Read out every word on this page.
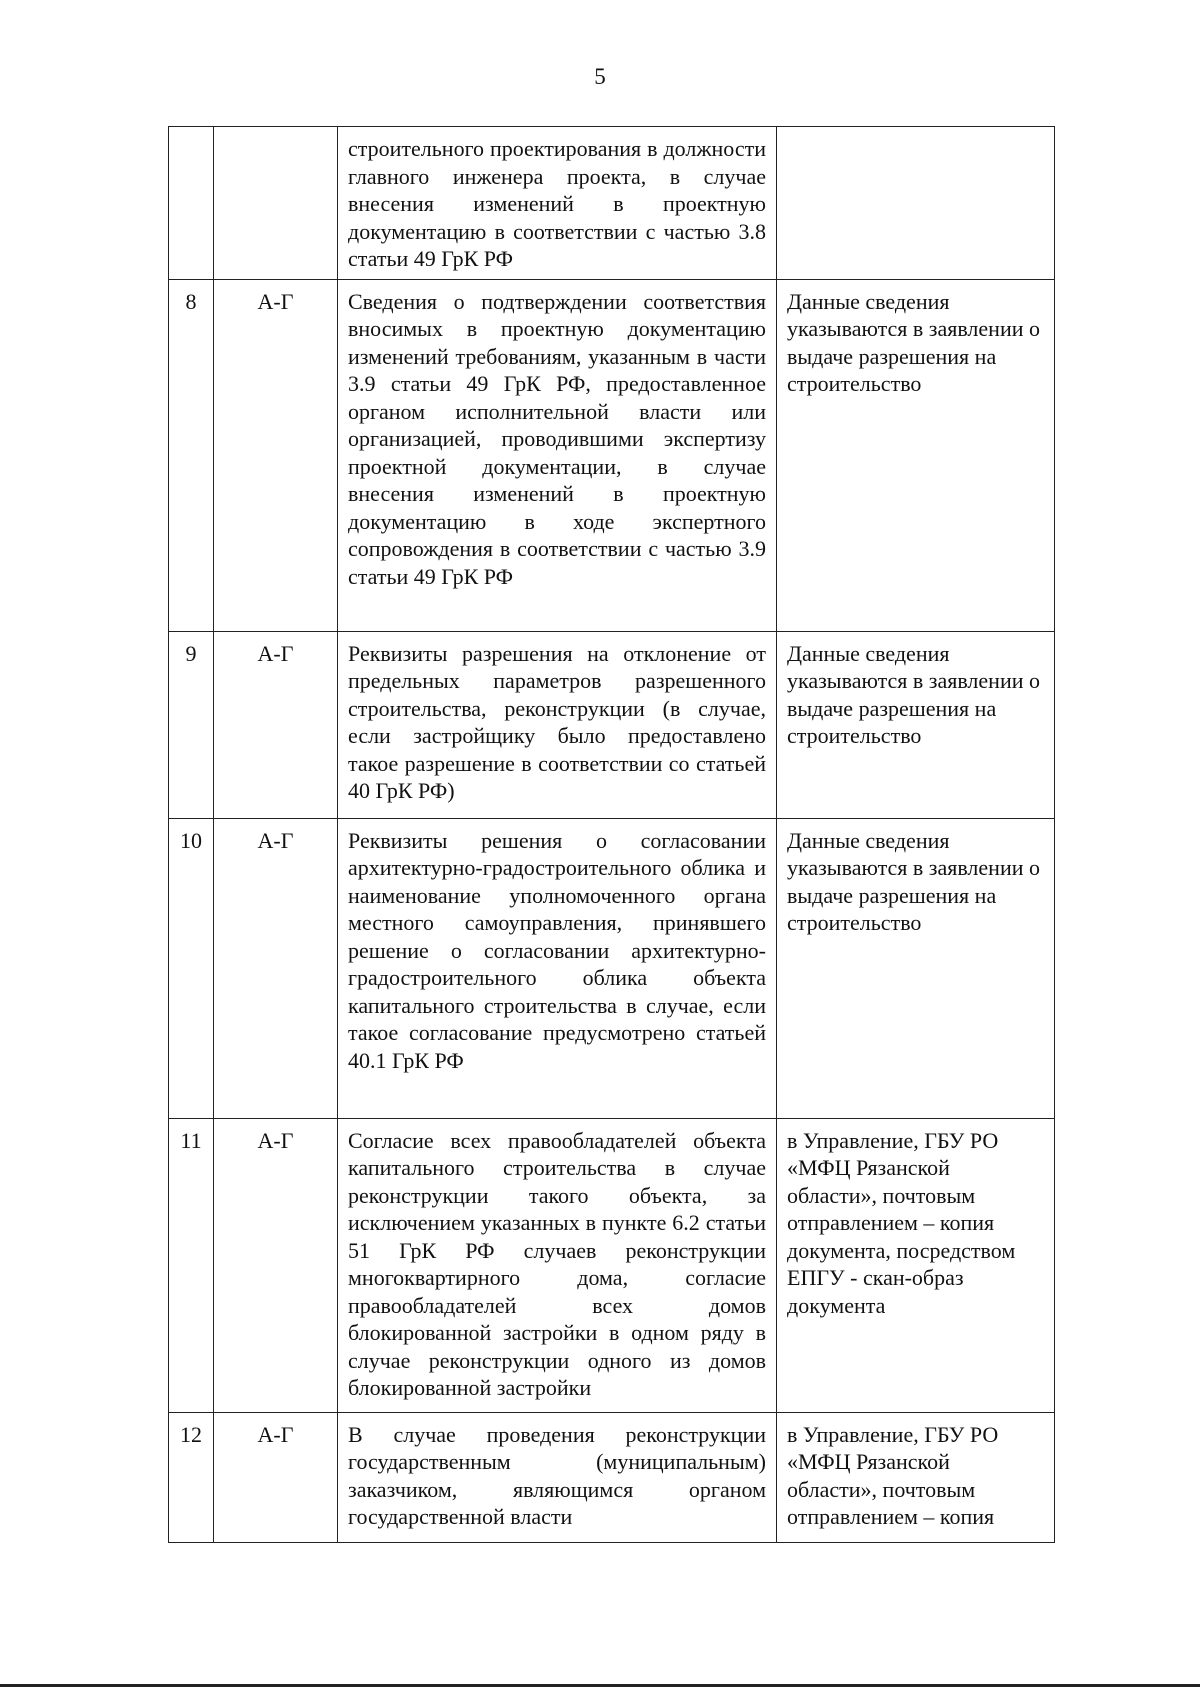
5
		строительного проектирования в должности главного инженера проекта, в случае внесения изменений в проектную документацию в соответствии с частью 3.8 статьи 49 ГрК РФ	
8	А-Г	Сведения о подтверждении соответствия вносимых в проектную документацию изменений требованиям, указанным в части 3.9 статьи 49 ГрК РФ, предоставленное органом исполнительной власти или организацией, проводившими экспертизу проектной документации, в случае внесения изменений в проектную документацию в ходе экспертного сопровождения в соответствии с частью 3.9 статьи 49 ГрК РФ	Данные сведения указываются в заявлении о выдаче разрешения на строительство
9	А-Г	Реквизиты разрешения на отклонение от предельных параметров разрешенного строительства, реконструкции (в случае, если застройщику было предоставлено такое разрешение в соответствии со статьей 40 ГрК РФ)	Данные сведения указываются в заявлении о выдаче разрешения на строительство
10	А-Г	Реквизиты решения о согласовании архитектурно-градостроительного облика и наименование уполномоченного органа местного самоуправления, принявшего решение о согласовании архитектурно-градостроительного облика объекта капитального строительства в случае, если такое согласование предусмотрено статьей 40.1 ГрК РФ	Данные сведения указываются в заявлении о выдаче разрешения на строительство
11	А-Г	Согласие всех правообладателей объекта капитального строительства в случае реконструкции такого объекта, за исключением указанных в пункте 6.2 статьи 51 ГрК РФ случаев реконструкции многоквартирного дома, согласие правообладателей всех домов блокированной застройки в одном ряду в случае реконструкции одного из домов блокированной застройки	в Управление, ГБУ РО «МФЦ Рязанской области», почтовым отправлением – копия документа, посредством ЕПГУ - скан-образ документа
12	А-Г	В случае проведения реконструкции государственным (муниципальным) заказчиком, являющимся органом государственной власти	в Управление, ГБУ РО «МФЦ Рязанской области», почтовым отправлением – копия
